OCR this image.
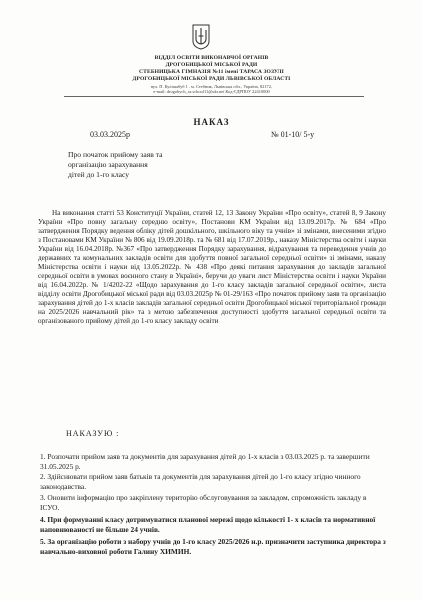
ВІДДІЛ ОСВІТИ ВИКОНАВЧОЇ ОРГАНІВ
ДРОГОБИЦЬКОЇ МІСЬКОЇ РАДИ
СТЕБНИЦЬКА ГІМНАЗІЯ №11 імені ТАРАСА ЗОЗУЛІ
ДРОГОБИЦЬКОЇ МІСЬКОЇ РАДИ ЛЬВІВСЬКОЇ ОБЛАСТІ
вул. П. Кулішабуб 1 . м. Стебник, Львівська обл., Україна, 82172,
e-mail: drogobych_sz.school11@ukr.net Код ЄДРПОУ 22410000
НАКАЗ
03.03.2025р	№ 01-10/ 5-у
Про початок прийому заяв та
організацію зарахування
дітей до 1-го класу
На виконання статті 53 Конституції України, статей 12, 13 Закону України «Про освіту», статей 8, 9 Закону України «Про повну загальну середню освіту», Постанови КМ України від 13.09.2017р. № 684 «Про затвердження Порядку ведення обліку дітей дошкільного, шкільного віку та учнів» зі змінами, внесеними згідно з Постановами КМ України № 806 від 19.09.2018р. та № 681 від 17.07.2019р., наказу Міністерства освіти і науки України від 16.04.2018р. №367 «Про затвердження Порядку зарахування, відрахування та переведення учнів до державних та комунальних закладів освіти для здобуття повної загальної середньої освіти» зі змінами, наказу Міністерства освіти і науки від 13.05.2022р. № 438 «Про деякі питання зарахування до закладів загальної середньої освіти в умовах воєнного стану в Україні», беручи до уваги лист Міністерства освіти і науки України від 16.04.2022р. № 1/4202-22 «Щодо зарахування до 1-го класу закладів загальної середньої освіти», листа відділу освіти Дрогобицької міської ради від 03.03.2025р № 01-29/163 «Про початок прийому заяв та організацію зарахування дітей до 1-х класів закладів загальної середньої освіти Дрогобицької міської територіальної громади на 2025/2026 навчальний рік» та з метою забезпечення доступності здобуття загальної середньої освіти та організованого прийому дітей до 1-го класу закладу освіти
НАКАЗУЮ :
1. Розпочати прийом заяв та документів для зарахування дітей до 1-х класів з 03.03.2025 р. та завершити 31.05.2025 р.
2. Здійснювати прийом заяв батьків та документів для зарахування дітей до 1-го класу згідно чинного законодавства.
3. Оновити інформацію про закріплену територію обслуговування за закладом, спроможність закладу в ІСУО.
4. При формуванні класу дотримуватися планової мережі щодо кількості 1- х класів та нормативної наповнюваності не більше 24 учнів.
5. За організацію роботи з набору учнів до 1-го класу 2025/2026 н.р. призначити заступника директора з навчально-виховної роботи Галину ХИМИН.
